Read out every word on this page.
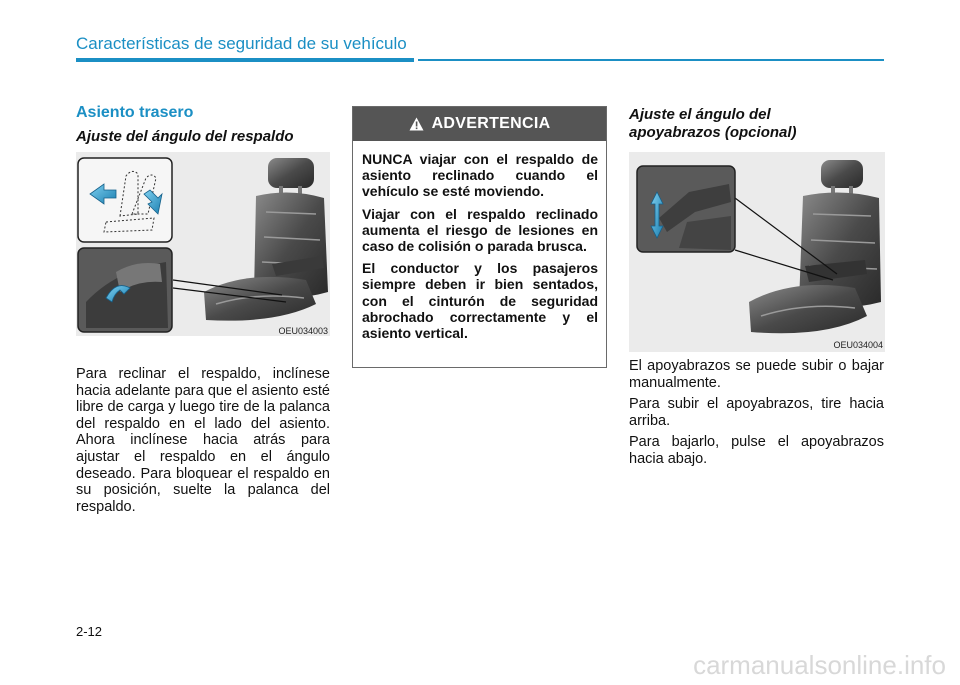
Características de seguridad de su vehículo
Asiento trasero
Ajuste del ángulo del respaldo
OEU034003

Para reclinar el respaldo, inclínese hacia adelante para que el asiento esté libre de carga y luego tire de la palanca del respaldo en el lado del asiento. Ahora inclínese hacia atrás para ajustar el respaldo en el ángulo deseado. Para bloquear el respaldo en su posición, suelte la palanca del respaldo.

ADVERTENCIA

NUNCA viajar con el respaldo de asiento reclinado cuando el vehículo se esté moviendo.

Viajar con el respaldo reclinado aumenta el riesgo de lesiones en caso de colisión o parada brusca.

El conductor y los pasajeros siempre deben ir bien sentados, con el cinturón de seguridad abrochado correctamente y el asiento vertical.

Ajuste el ángulo del
apoyabrazos (opcional)
OEU034004

El apoyabrazos se puede subir o bajar manualmente.

Para subir el apoyabrazos, tire hacia arriba.

Para bajarlo, pulse el apoyabrazos hacia abajo.

2-12
carmanualsonline.info
